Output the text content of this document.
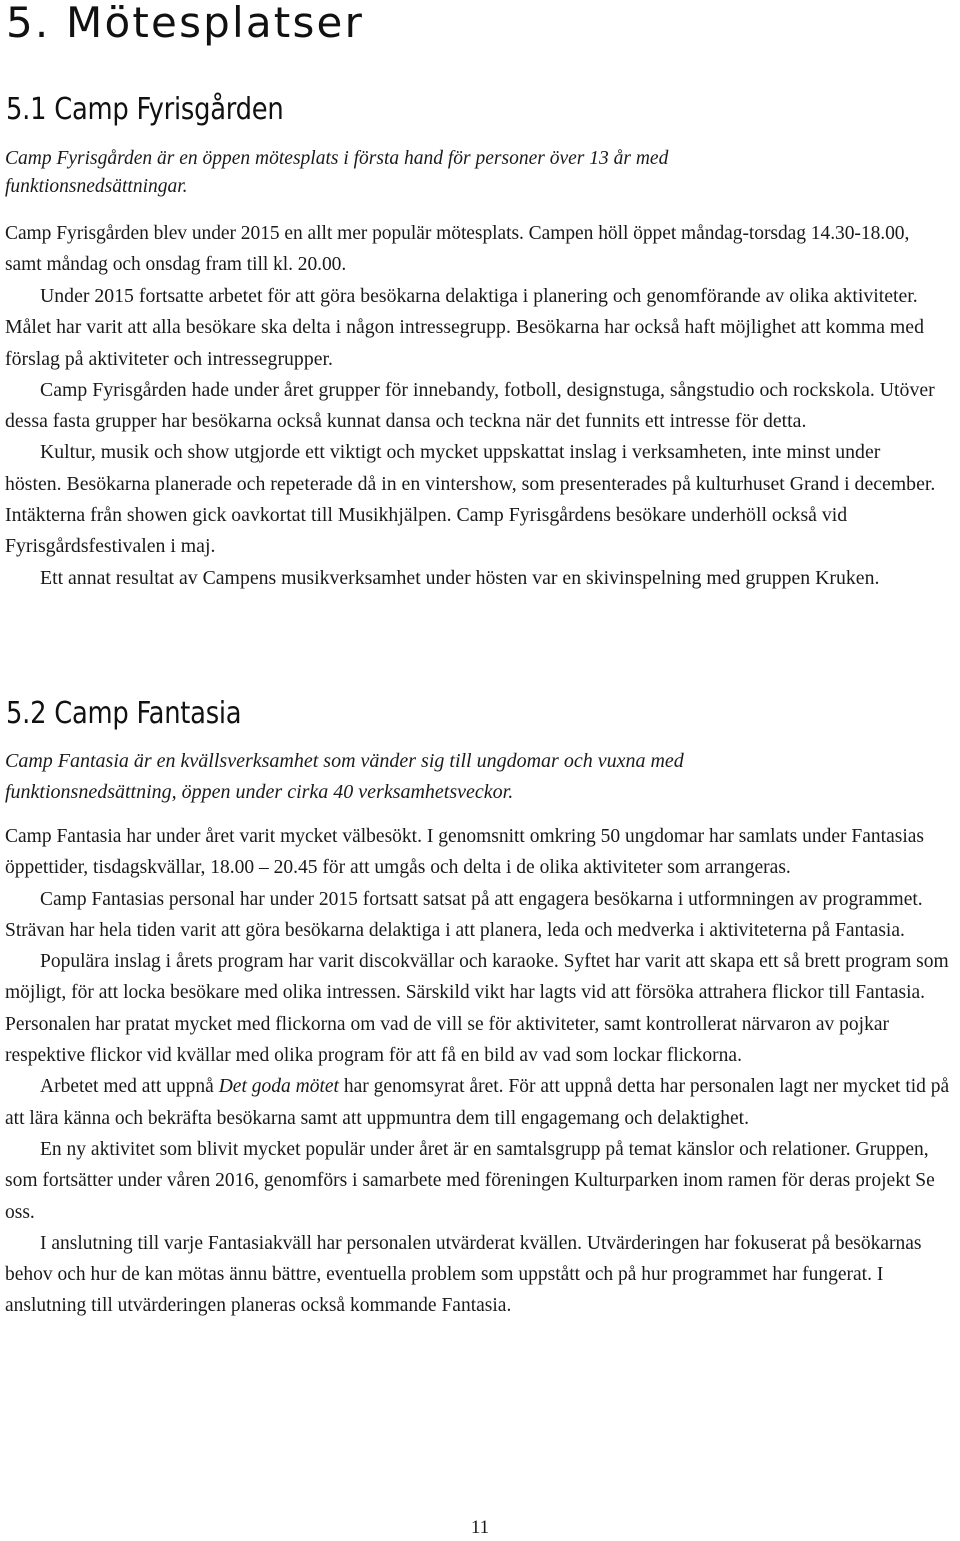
5. Mötesplatser
5.1 Camp Fyrisgården

Camp Fyrisgården är en öppen mötesplats i första hand för personer över 13 år med funktionsnedsättningar.

Camp Fyrisgården blev under 2015 en allt mer populär mötesplats. Campen höll öppet måndag-torsdag 14.30-18.00, samt måndag och onsdag fram till kl. 20.00.

Under 2015 fortsatte arbetet för att göra besökarna delaktiga i planering och genomförande av olika aktiviteter. Målet har varit att alla besökare ska delta i någon intressegrupp. Besökarna har också haft möjlighet att komma med förslag på aktiviteter och intressegrupper.

Camp Fyrisgården hade under året grupper för innebandy, fotboll, designstuga, sångstudio och rockskola. Utöver dessa fasta grupper har besökarna också kunnat dansa och teckna när det funnits ett intresse för detta.

Kultur, musik och show utgjorde ett viktigt och mycket uppskattat inslag i verksamheten, inte minst under hösten. Besökarna planerade och repeterade då in en vintershow, som presenterades på kulturhuset Grand i december. Intäkterna från showen gick oavkortat till Musikhjälpen. Camp Fyrisgårdens besökare underhöll också vid Fyrisgårdsfestivalen i maj.

Ett annat resultat av Campens musikverksamhet under hösten var en skivinspelning med gruppen Kruken.

5.2 Camp Fantasia

Camp Fantasia är en kvällsverksamhet som vänder sig till ungdomar och vuxna med funktionsnedsättning, öppen under cirka 40 verksamhetsveckor.

Camp Fantasia har under året varit mycket välbesökt. I genomsnitt omkring 50 ungdomar har samlats under Fantasias öppettider, tisdagskvällar, 18.00 – 20.45 för att umgås och delta i de olika aktiviteter som arrangeras.

Camp Fantasias personal har under 2015 fortsatt satsat på att engagera besökarna i utformningen av programmet. Strävan har hela tiden varit att göra besökarna delaktiga i att planera, leda och medverka i aktiviteterna på Fantasia.

Populära inslag i årets program har varit discokvällar och karaoke. Syftet har varit att skapa ett så brett program som möjligt, för att locka besökare med olika intressen. Särskild vikt har lagts vid att försöka attrahera flickor till Fantasia. Personalen har pratat mycket med flickorna om vad de vill se för aktiviteter, samt kontrollerat närvaron av pojkar respektive flickor vid kvällar med olika program för att få en bild av vad som lockar flickorna.

Arbetet med att uppnå Det goda mötet har genomsyrat året. För att uppnå detta har personalen lagt ner mycket tid på att lära känna och bekräfta besökarna samt att uppmuntra dem till engagemang och delaktighet.

En ny aktivitet som blivit mycket populär under året är en samtalsgrupp på temat känslor och relationer. Gruppen, som fortsätter under våren 2016, genomförs i samarbete med föreningen Kulturparken inom ramen för deras projekt Se oss.

I anslutning till varje Fantasiakväll har personalen utvärderat kvällen. Utvärderingen har fokuserat på besökarnas behov och hur de kan mötas ännu bättre, eventuella problem som uppstått och på hur programmet har fungerat. I anslutning till utvärderingen planeras också kommande Fantasia.

11
